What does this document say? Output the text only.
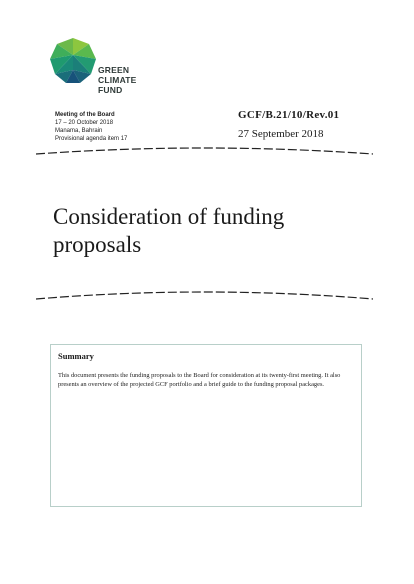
GREEN
CLIMATE
FUND
Meeting of the Board
17 – 20 October 2018
Manama, Bahrain
Provisional agenda item 17
GCF/B.21/10/Rev.01
27 September 2018
Consideration of funding proposals

Summary

This document presents the funding proposals to the Board for consideration at its twenty-first meeting. It also presents an overview of the projected GCF portfolio and a brief guide to the funding proposal packages.
